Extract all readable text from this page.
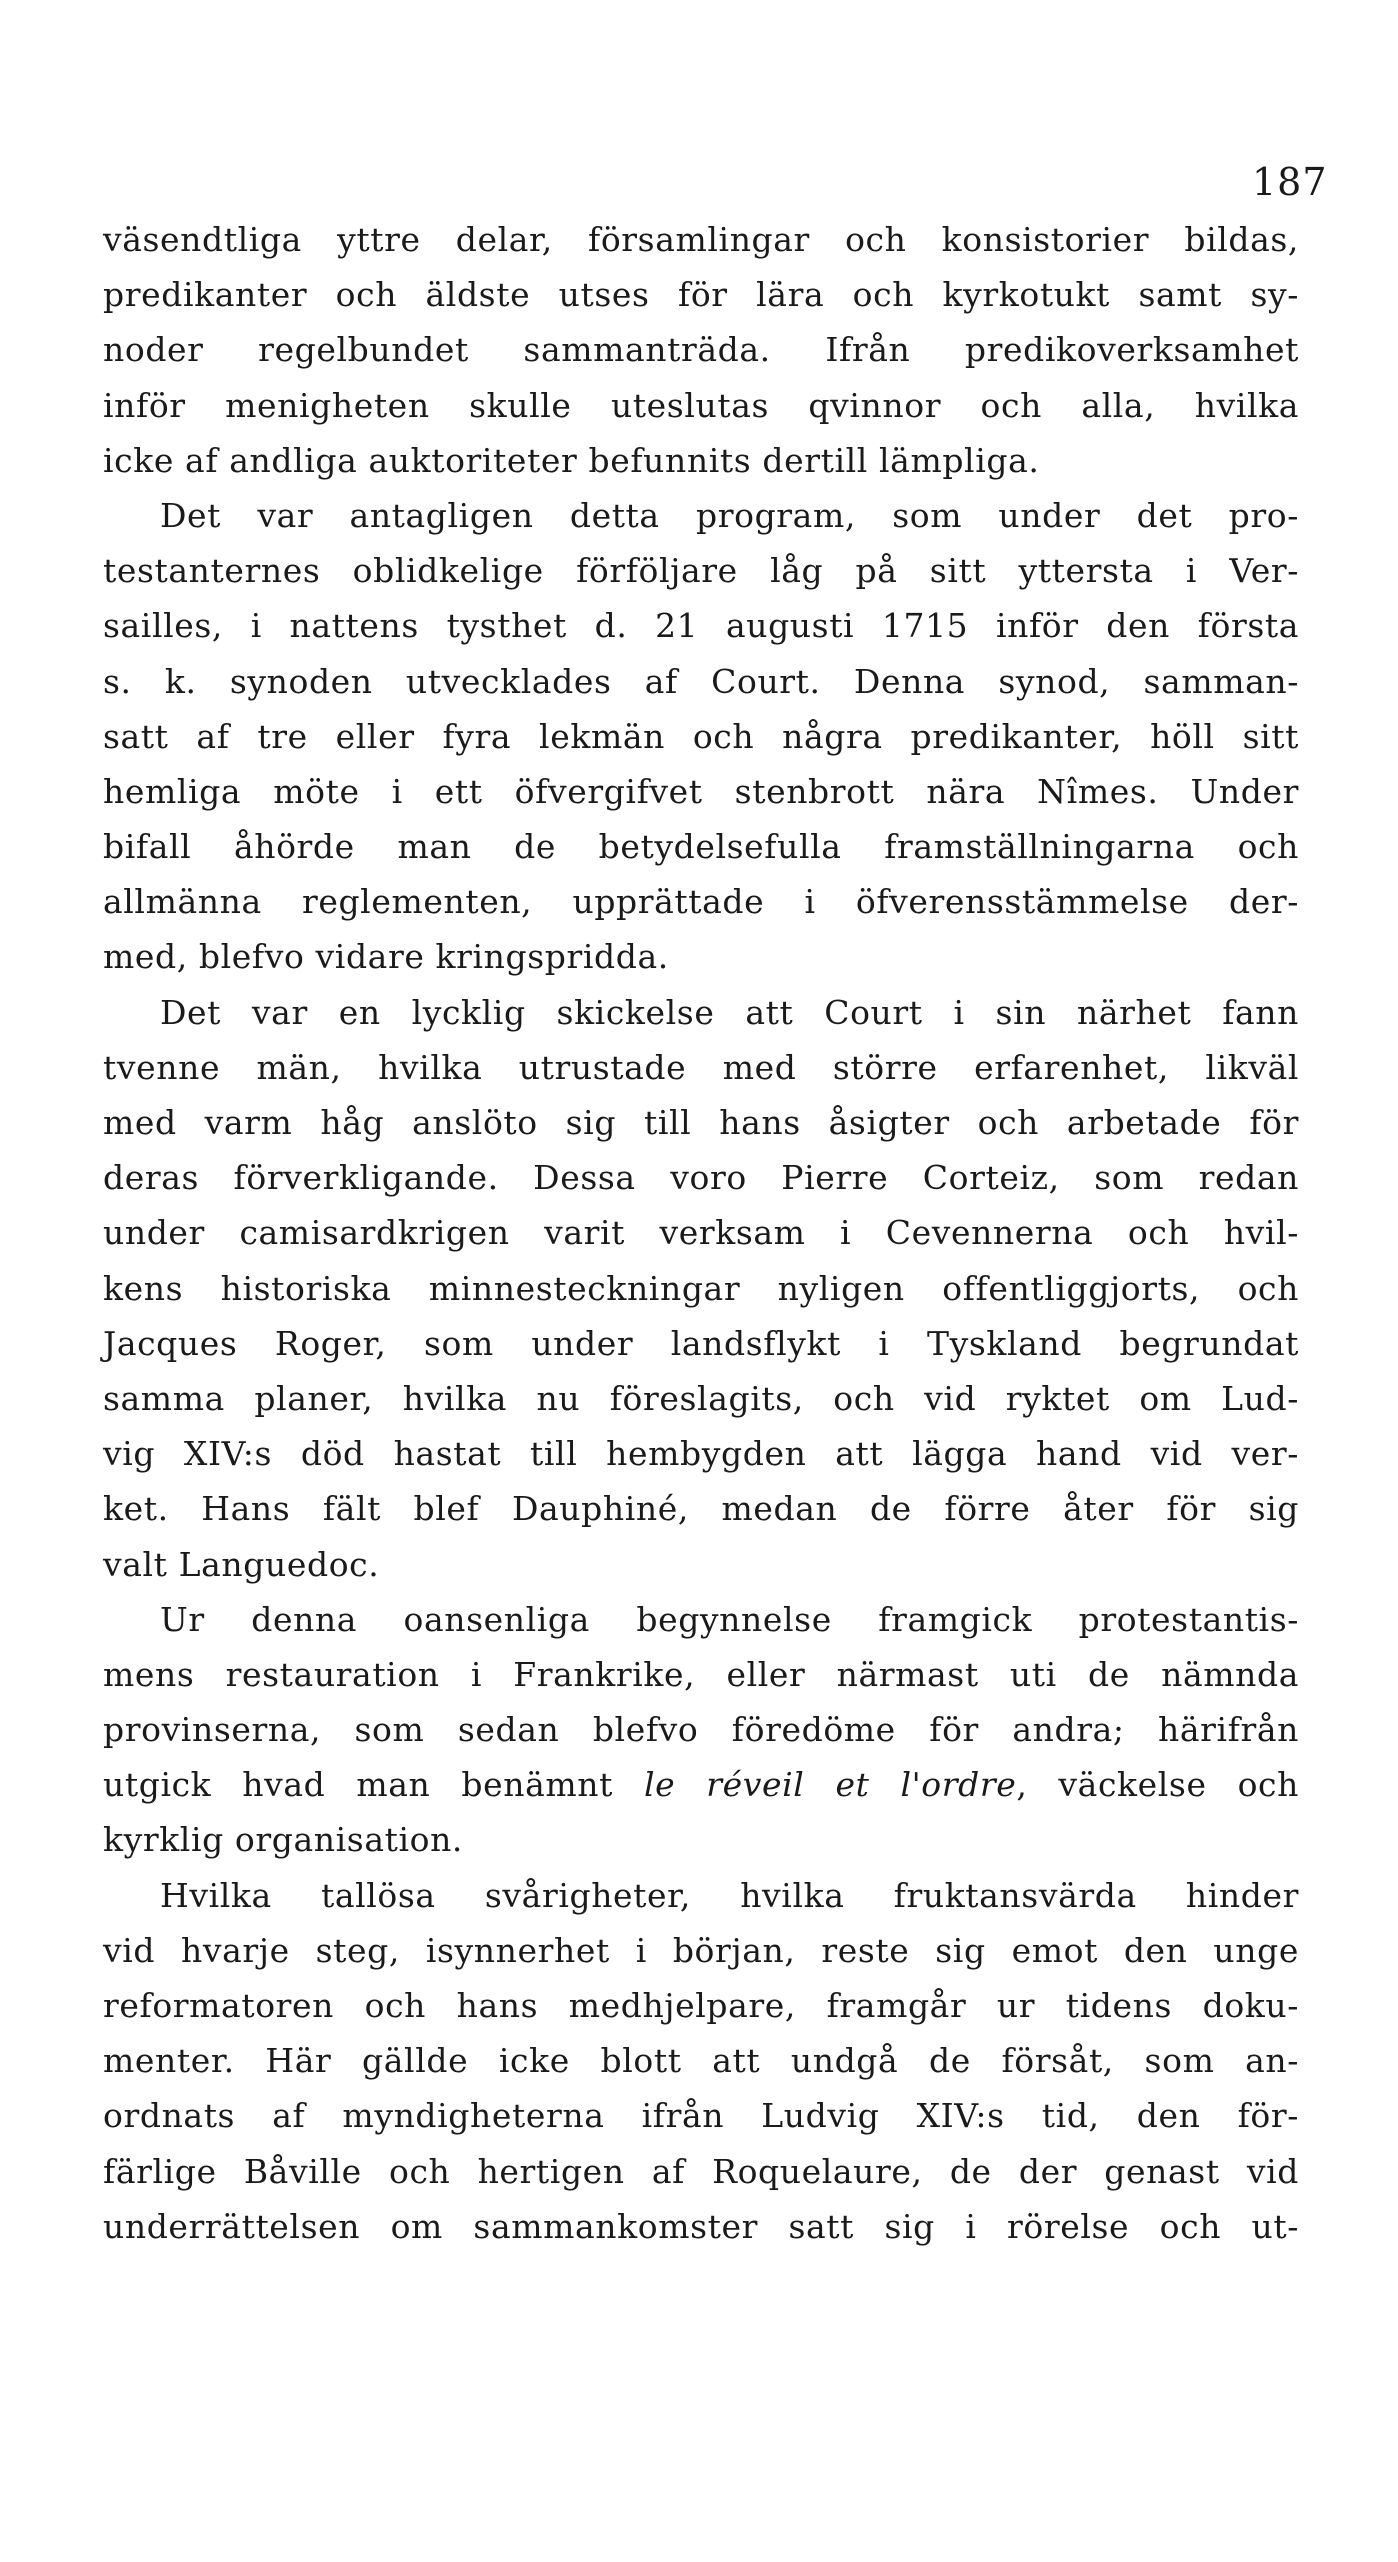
187
väsendtliga yttre delar, församlingar och konsistorier bildas,
predikanter och äldste utses för lära och kyrkotukt samt sy-
noder regelbundet sammanträda. Ifrån predikoverksamhet
inför menigheten skulle uteslutas qvinnor och alla, hvilka
icke af andliga auktoriteter befunnits dertill lämpliga.
Det var antagligen detta program, som under det pro-
testanternes oblidkelige förföljare låg på sitt yttersta i Ver-
sailles, i nattens tysthet d. 21 augusti 1715 inför den första
s. k. synoden utvecklades af Court. Denna synod, samman-
satt af tre eller fyra lekmän och några predikanter, höll sitt
hemliga möte i ett öfvergifvet stenbrott nära Nîmes. Under
bifall åhörde man de betydelsefulla framställningarna och
allmänna reglementen, upprättade i öfverensstämmelse der-
med, blefvo vidare kringspridda.
Det var en lycklig skickelse att Court i sin närhet fann
tvenne män, hvilka utrustade med större erfarenhet, likväl
med varm håg anslöto sig till hans åsigter och arbetade för
deras förverkligande. Dessa voro Pierre Corteiz, som redan
under camisardkrigen varit verksam i Cevennerna och hvil-
kens historiska minnesteckningar nyligen offentliggjorts, och
Jacques Roger, som under landsflykt i Tyskland begrundat
samma planer, hvilka nu föreslagits, och vid ryktet om Lud-
vig XIV:s död hastat till hembygden att lägga hand vid ver-
ket. Hans fält blef Dauphiné, medan de förre åter för sig
valt Languedoc.
Ur denna oansenliga begynnelse framgick protestantis-
mens restauration i Frankrike, eller närmast uti de nämnda
provinserna, som sedan blefvo föredöme för andra; härifrån
utgick hvad man benämnt le réveil et l'ordre, väckelse och
kyrklig organisation.
Hvilka tallösa svårigheter, hvilka fruktansvärda hinder
vid hvarje steg, isynnerhet i början, reste sig emot den unge
reformatoren och hans medhjelpare, framgår ur tidens doku-
menter. Här gällde icke blott att undgå de försåt, som an-
ordnats af myndigheterna ifrån Ludvig XIV:s tid, den för-
färlige Båville och hertigen af Roquelaure, de der genast vid
underrättelsen om sammankomster satt sig i rörelse och ut-
